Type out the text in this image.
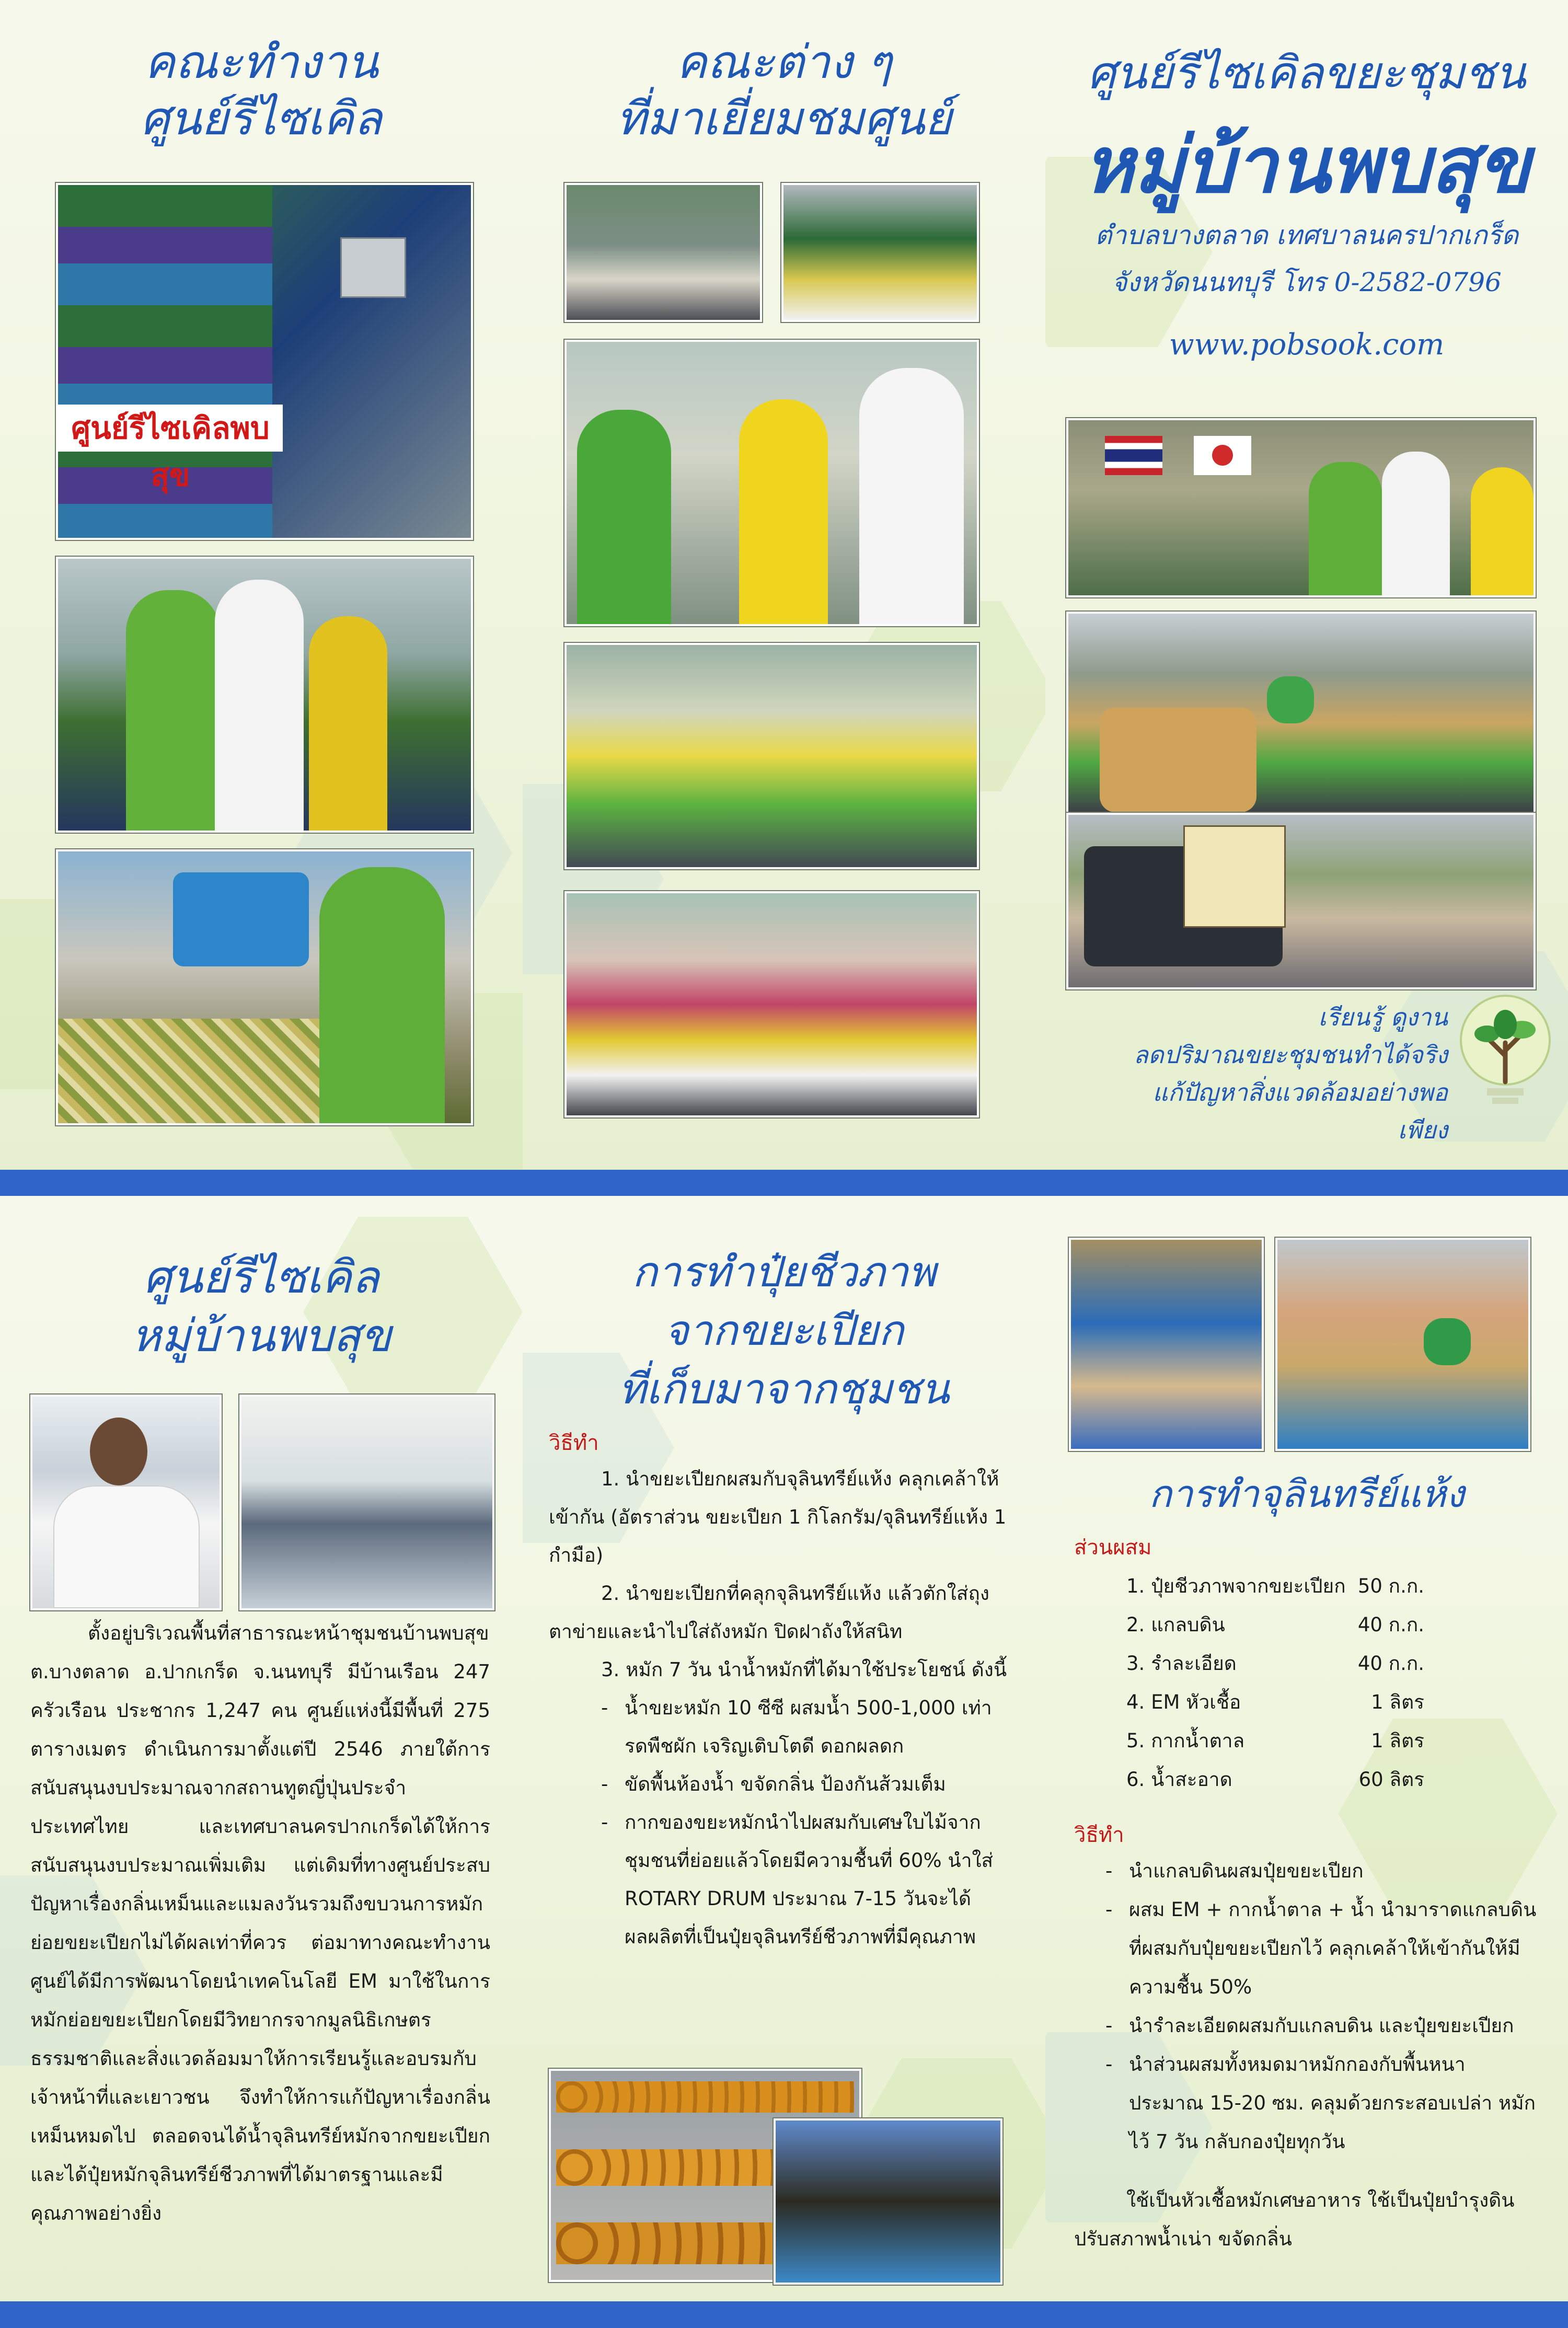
คณะทำงาน
ศูนย์รีไซเคิล
ศูนย์รีไซเคิลพบสุข
คณะต่าง ๆ
ที่มาเยี่ยมชมศูนย์
ศูนย์รีไซเคิลขยะชุมชน
หมู่บ้านพบสุข
ตำบลบางตลาด เทศบาลนครปากเกร็ด
จังหวัดนนทบุรี โทร 0-2582-0796
www.pobsook.com
เรียนรู้ ดูงาน
ลดปริมาณขยะชุมชนทำได้จริง
แก้ปัญหาสิ่งแวดล้อมอย่างพอเพียง
ศูนย์รีไซเคิล
หมู่บ้านพบสุข
ตั้งอยู่บริเวณพื้นที่สาธารณะหน้าชุมชนบ้านพบสุข ต.บางตลาด อ.ปากเกร็ด จ.นนทบุรี มีบ้านเรือน 247 ครัวเรือน ประชากร 1,247 คน ศูนย์แห่งนี้มีพื้นที่ 275 ตารางเมตร ดำเนินการมาตั้งแต่ปี 2546 ภายใต้การสนับสนุนงบประมาณจากสถานทูตญี่ปุ่นประจำประเทศไทย และเทศบาลนครปากเกร็ดได้ให้การสนับสนุนงบประมาณเพิ่มเติม แต่เดิมที่ทางศูนย์ประสบปัญหาเรื่องกลิ่นเหม็นและแมลงวันรวมถึงขบวนการหมักย่อยขยะเปียกไม่ได้ผลเท่าที่ควร ต่อมาทางคณะทำงานศูนย์ได้มีการพัฒนาโดยนำเทคโนโลยี EM มาใช้ในการหมักย่อยขยะเปียกโดยมีวิทยากรจากมูลนิธิเกษตรธรรมชาติและสิ่งแวดล้อมมาให้การเรียนรู้และอบรมกับเจ้าหน้าที่และเยาวชน จึงทำให้การแก้ปัญหาเรื่องกลิ่นเหม็นหมดไป ตลอดจนได้น้ำจุลินทรีย์หมักจากขยะเปียกและได้ปุ๋ยหมักจุลินทรีย์ชีวภาพที่ได้มาตรฐานและมีคุณภาพอย่างยิ่ง
การทำปุ๋ยชีวภาพ
จากขยะเปียก
ที่เก็บมาจากชุมชน
วิธีทำ
1. นำขยะเปียกผสมกับจุลินทรีย์แห้ง คลุกเคล้าให้เข้ากัน (อัตราส่วน ขยะเปียก 1 กิโลกรัม/จุลินทรีย์แห้ง 1 กำมือ)
2. นำขยะเปียกที่คลุกจุลินทรีย์แห้ง แล้วตักใส่ถุงตาข่ายและนำไปใส่ถังหมัก ปิดฝาถังให้สนิท
3. หมัก 7 วัน นำน้ำหมักที่ได้มาใช้ประโยชน์ ดังนี้
- น้ำขยะหมัก 10 ซีซี ผสมน้ำ 500-1,000 เท่า รดพืชผัก เจริญเติบโตดี ดอกผลดก
- ขัดพื้นห้องน้ำ ขจัดกลิ่น ป้องกันส้วมเต็ม
- กากของขยะหมักนำไปผสมกับเศษใบไม้จากชุมชนที่ย่อยแล้วโดยมีความชื้นที่ 60% นำใส่ ROTARY DRUM ประมาณ 7-15 วันจะได้ผลผลิตที่เป็นปุ๋ยจุลินทรีย์ชีวภาพที่มีคุณภาพ
การทำจุลินทรีย์แห้ง
ส่วนผสม
1. ปุ๋ยชีวภาพจากขยะเปียก 50 ก.ก.
2. แกลบดิน	40 ก.ก.
3. รำละเอียด	40 ก.ก.
4. EM หัวเชื้อ	1 ลิตร
5. กากน้ำตาล	1 ลิตร
6. น้ำสะอาด	60 ลิตร
วิธีทำ
- นำแกลบดินผสมปุ๋ยขยะเปียก
- ผสม EM + กากน้ำตาล + น้ำ นำมาราดแกลบดินที่ผสมกับปุ๋ยขยะเปียกไว้ คลุกเคล้าให้เข้ากันให้มีความชื้น 50%
- นำรำละเอียดผสมกับแกลบดิน และปุ๋ยขยะเปียก
- นำส่วนผสมทั้งหมดมาหมักกองกับพื้นหนาประมาณ 15-20 ซม. คลุมด้วยกระสอบเปล่า หมักไว้ 7 วัน กลับกองปุ๋ยทุกวัน
ใช้เป็นหัวเชื้อหมักเศษอาหาร ใช้เป็นปุ๋ยบำรุงดิน ปรับสภาพน้ำเน่า ขจัดกลิ่น
